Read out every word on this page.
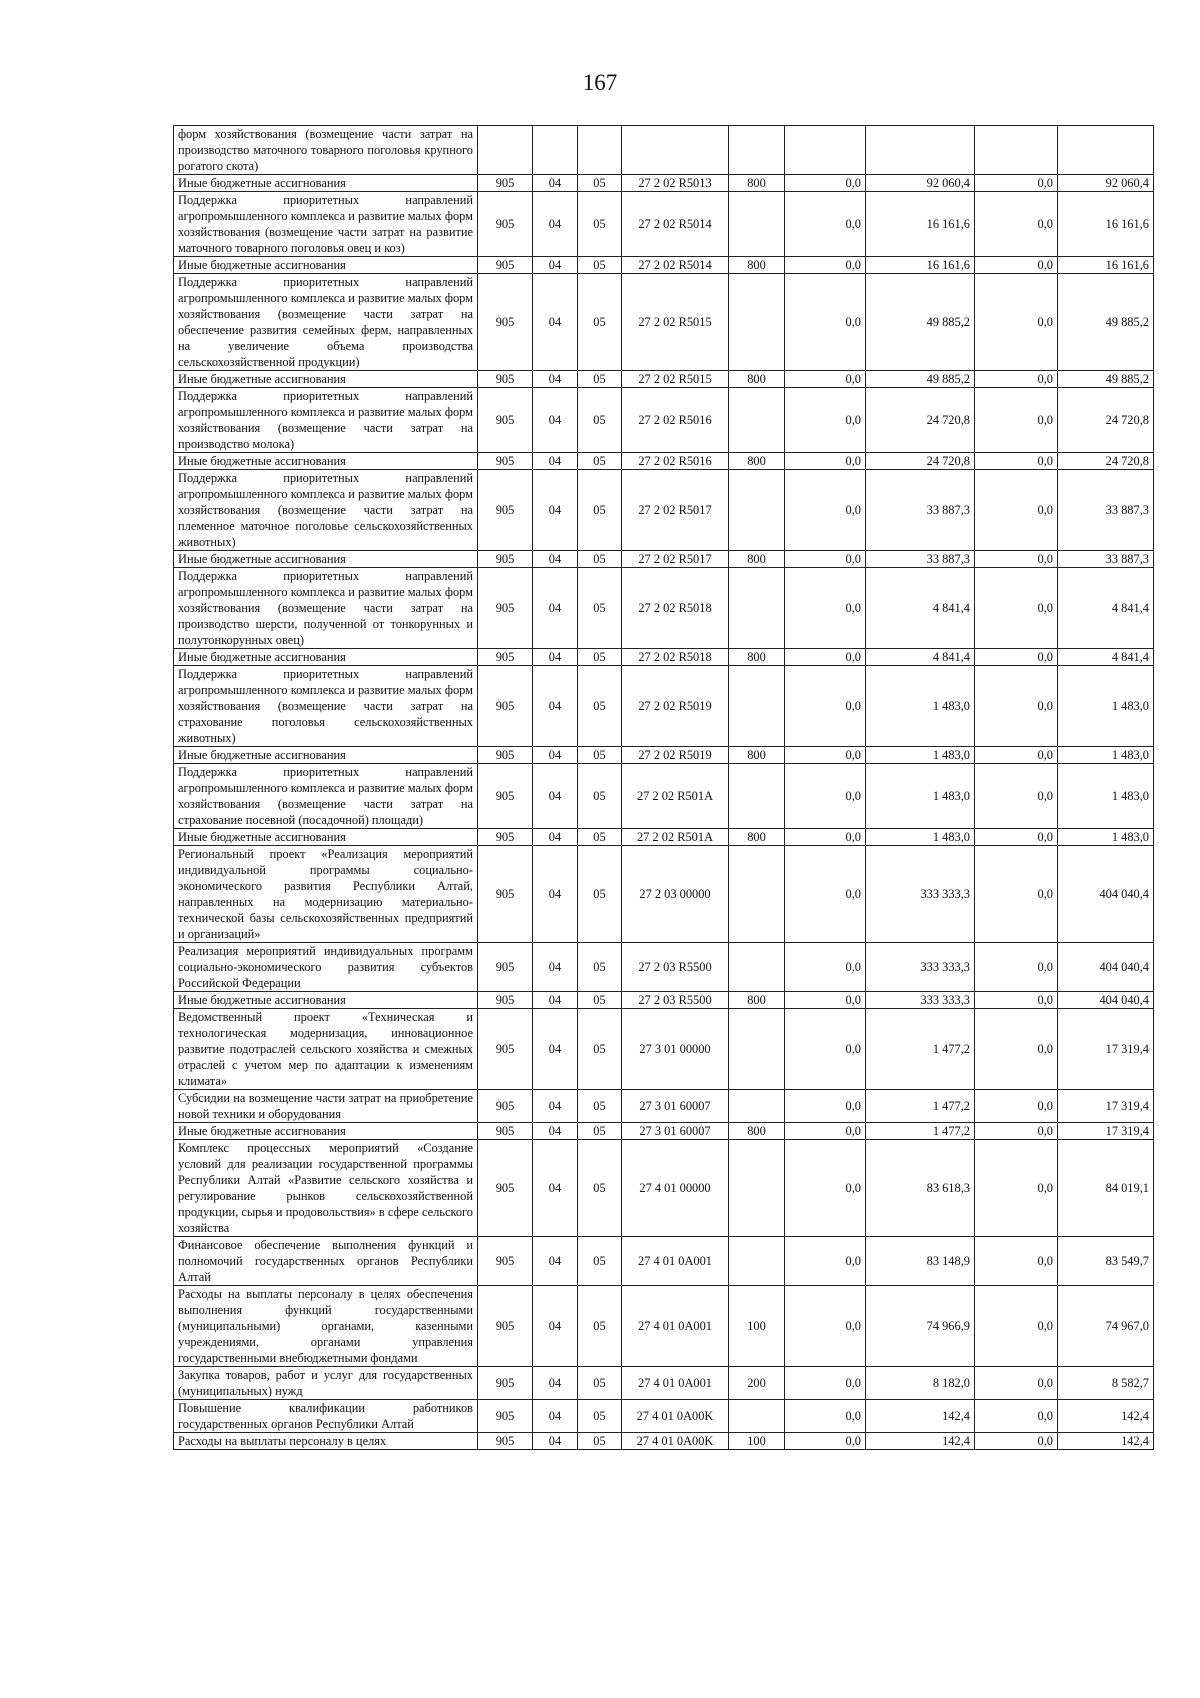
167
форм хозяйствования (возмещение части затрат на производство маточного товарного поголовья крупного рогатого скота)									
Иные бюджетные ассигнования	905	04	05	27 2 02 R5013	800	0,0	92 060,4	0,0	92 060,4
Поддержка приоритетных направлений агропромышленного комплекса и развитие малых форм хозяйствования (возмещение части затрат на развитие маточного товарного поголовья овец и коз)	905	04	05	27 2 02 R5014		0,0	16 161,6	0,0	16 161,6
Иные бюджетные ассигнования	905	04	05	27 2 02 R5014	800	0,0	16 161,6	0,0	16 161,6
Поддержка приоритетных направлений агропромышленного комплекса и развитие малых форм хозяйствования (возмещение части затрат на обеспечение развития семейных ферм, направленных на увеличение объема производства сельскохозяйственной продукции)	905	04	05	27 2 02 R5015		0,0	49 885,2	0,0	49 885,2
Иные бюджетные ассигнования	905	04	05	27 2 02 R5015	800	0,0	49 885,2	0,0	49 885,2
Поддержка приоритетных направлений агропромышленного комплекса и развитие малых форм хозяйствования (возмещение части затрат на производство молока)	905	04	05	27 2 02 R5016		0,0	24 720,8	0,0	24 720,8
Иные бюджетные ассигнования	905	04	05	27 2 02 R5016	800	0,0	24 720,8	0,0	24 720,8
Поддержка приоритетных направлений агропромышленного комплекса и развитие малых форм хозяйствования (возмещение части затрат на племенное маточное поголовье сельскохозяйственных животных)	905	04	05	27 2 02 R5017		0,0	33 887,3	0,0	33 887,3
Иные бюджетные ассигнования	905	04	05	27 2 02 R5017	800	0,0	33 887,3	0,0	33 887,3
Поддержка приоритетных направлений агропромышленного комплекса и развитие малых форм хозяйствования (возмещение части затрат на производство шерсти, полученной от тонкорунных и полутонкорунных овец)	905	04	05	27 2 02 R5018		0,0	4 841,4	0,0	4 841,4
Иные бюджетные ассигнования	905	04	05	27 2 02 R5018	800	0,0	4 841,4	0,0	4 841,4
Поддержка приоритетных направлений агропромышленного комплекса и развитие малых форм хозяйствования (возмещение части затрат на страхование поголовья сельскохозяйственных животных)	905	04	05	27 2 02 R5019		0,0	1 483,0	0,0	1 483,0
Иные бюджетные ассигнования	905	04	05	27 2 02 R5019	800	0,0	1 483,0	0,0	1 483,0
Поддержка приоритетных направлений агропромышленного комплекса и развитие малых форм хозяйствования (возмещение части затрат на страхование посевной (посадочной) площади)	905	04	05	27 2 02 R501A		0,0	1 483,0	0,0	1 483,0
Иные бюджетные ассигнования	905	04	05	27 2 02 R501A	800	0,0	1 483,0	0,0	1 483,0
Региональный проект «Реализация мероприятий индивидуальной программы социально-экономического развития Республики Алтай, направленных на модернизацию материально-технической базы сельскохозяйственных предприятий и организаций»	905	04	05	27 2 03 00000		0,0	333 333,3	0,0	404 040,4
Реализация мероприятий индивидуальных программ социально-экономического развития субъектов Российской Федерации	905	04	05	27 2 03 R5500		0,0	333 333,3	0,0	404 040,4
Иные бюджетные ассигнования	905	04	05	27 2 03 R5500	800	0,0	333 333,3	0,0	404 040,4
Ведомственный проект «Техническая и технологическая модернизация, инновационное развитие подотраслей сельского хозяйства и смежных отраслей с учетом мер по адаптации к изменениям климата»	905	04	05	27 3 01 00000		0,0	1 477,2	0,0	17 319,4
Субсидии на возмещение части затрат на приобретение новой техники и оборудования	905	04	05	27 3 01 60007		0,0	1 477,2	0,0	17 319,4
Иные бюджетные ассигнования	905	04	05	27 3 01 60007	800	0,0	1 477,2	0,0	17 319,4
Комплекс процессных мероприятий «Создание условий для реализации государственной программы Республики Алтай «Развитие сельского хозяйства и регулирование рынков сельскохозяйственной продукции, сырья и продовольствия» в сфере сельского хозяйства	905	04	05	27 4 01 00000		0,0	83 618,3	0,0	84 019,1
Финансовое обеспечение выполнения функций и полномочий государственных органов Республики Алтай	905	04	05	27 4 01 0A001		0,0	83 148,9	0,0	83 549,7
Расходы на выплаты персоналу в целях обеспечения выполнения функций государственными (муниципальными) органами, казенными учреждениями, органами управления государственными внебюджетными фондами	905	04	05	27 4 01 0A001	100	0,0	74 966,9	0,0	74 967,0
Закупка товаров, работ и услуг для государственных (муниципальных) нужд	905	04	05	27 4 01 0A001	200	0,0	8 182,0	0,0	8 582,7
Повышение квалификации работников государственных органов Республики Алтай	905	04	05	27 4 01 0A00K		0,0	142,4	0,0	142,4
Расходы на выплаты персоналу в целях	905	04	05	27 4 01 0A00K	100	0,0	142,4	0,0	142,4
